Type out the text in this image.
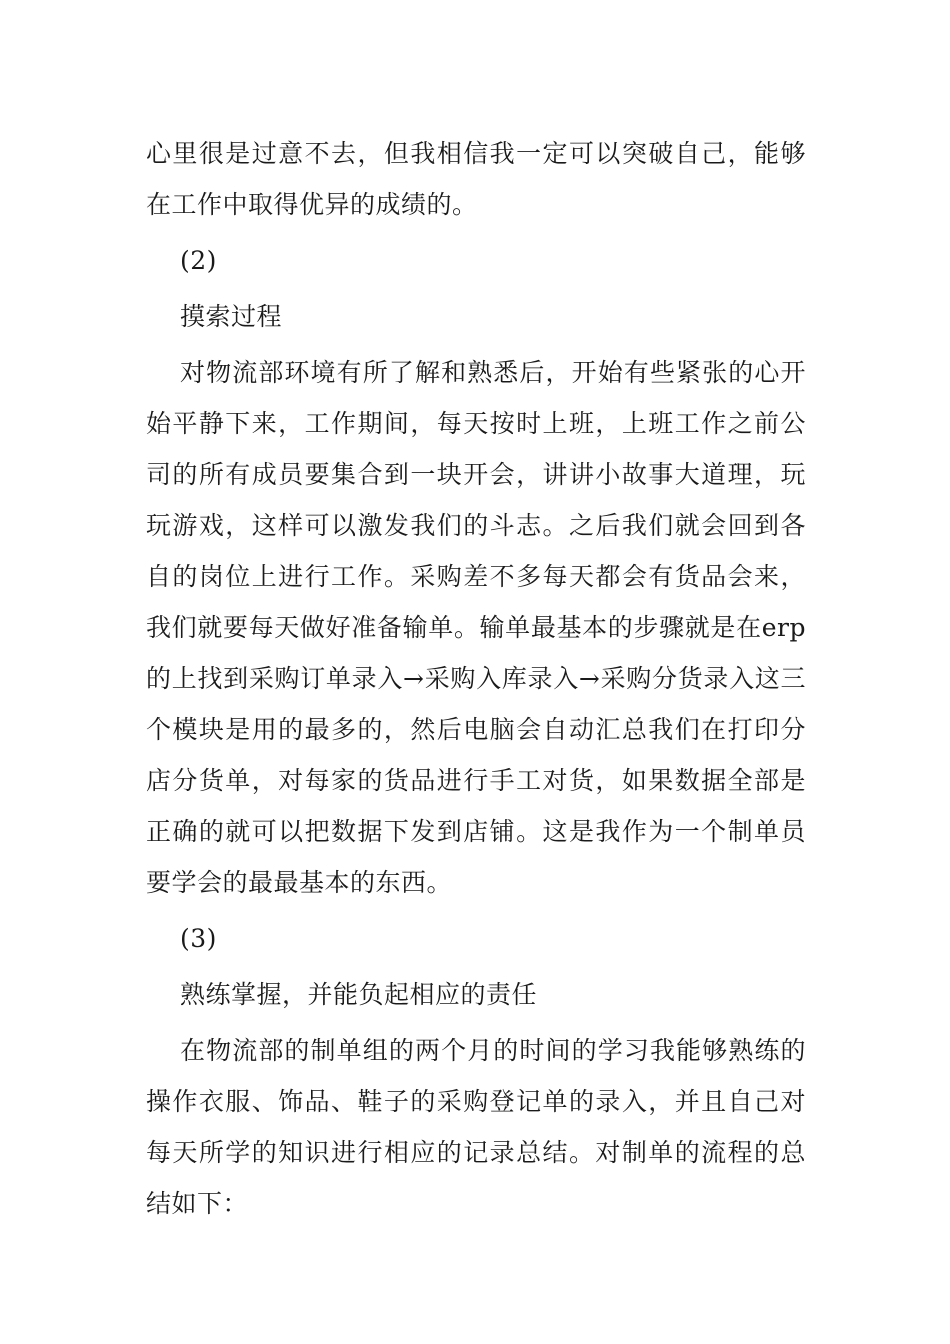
心里很是过意不去，但我相信我一定可以突破自己，能够在工作中取得优异的成绩的。

(2)

摸索过程

对物流部环境有所了解和熟悉后，开始有些紧张的心开始平静下来，工作期间，每天按时上班，上班工作之前公司的所有成员要集合到一块开会，讲讲小故事大道理，玩玩游戏，这样可以激发我们的斗志。之后我们就会回到各自的岗位上进行工作。采购差不多每天都会有货品会来，我们就要每天做好准备输单。输单最基本的步骤就是在erp的上找到采购订单录入→采购入库录入→采购分货录入这三个模块是用的最多的，然后电脑会自动汇总我们在打印分店分货单，对每家的货品进行手工对货，如果数据全部是正确的就可以把数据下发到店铺。这是我作为一个制单员要学会的最最基本的东西。

(3)

熟练掌握，并能负起相应的责任

在物流部的制单组的两个月的时间的学习我能够熟练的操作衣服、饰品、鞋子的采购登记单的录入，并且自己对每天所学的知识进行相应的记录总结。对制单的流程的总结如下：
